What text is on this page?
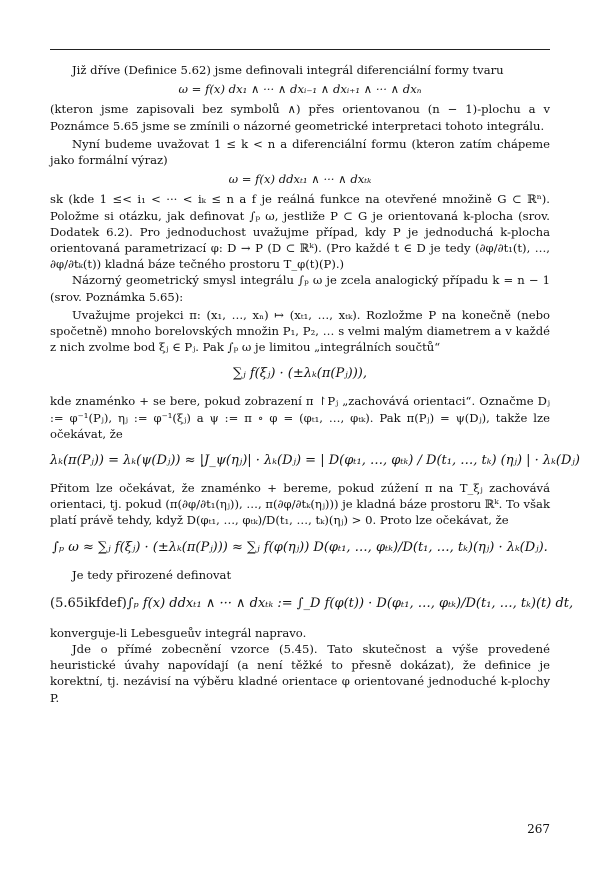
Již dříve (Definice 5.62) jsme definovali integrál diferenciální formy tvaru

ω = f(x) dx₁ ∧ ··· ∧ dxᵢ₋₁ ∧ dxᵢ₊₁ ∧ ··· ∧ dxₙ

(kteron jsme zapisovali bez symbolů ∧) přes orientovanou (n − 1)-plochu a v Poznámce 5.65 jsme se zmínili o názorné geometrické interpretaci tohoto integrálu.

Nyní budeme uvažovat 1 ≤ k < n a diferenciální formu (kteron zatím chápeme jako formální výraz)

ω = f(x) ddxₜ₁ ∧ ··· ∧ dxₜₖ

sk (kde 1 ≤< i₁ < ··· < iₖ ≤ n a f je reálná funkce na otevřené množině G ⊂ ℝⁿ). Položme si otázku, jak definovat ∫ₚ ω, jestliže P ⊂ G je orientovaná k-plocha (srov. Dodatek 6.2). Pro jednoduchost uvažujme případ, kdy P je jednoduchá k-plocha orientovaná parametrizací φ: D → P (D ⊂ ℝᵏ). (Pro každé t ∈ D je tedy (∂φ/∂t₁(t), …, ∂φ/∂tₖ(t)) kladná báze tečného prostoru T_φ(t)(P).)

Názorný geometrický smysl integrálu ∫ₚ ω je zcela analogický případu k = n − 1 (srov. Poznámka 5.65):

Uvažujme projekci π: (x₁, …, xₙ) ↦ (xₜ₁, …, xₜₖ). Rozložme P na konečně (nebo spočetně) mnoho borelovských množin P₁, P₂, … s velmi malým diametrem a v každé z nich zvolme bod ξⱼ ∈ Pⱼ. Pak ∫ₚ ω je limitou „integrálních součtů“

∑ⱼ f(ξⱼ) · (±λₖ(π(Pⱼ))),

kde znaménko + se bere, pokud zobrazení π ↾Pⱼ „zachovává orientaci“. Označme Dⱼ := φ⁻¹(Pⱼ), ηⱼ := φ⁻¹(ξⱼ) a ψ := π ∘ φ = (φₜ₁, …, φₜₖ). Pak π(Pⱼ) = ψ(Dⱼ), takže lze očekávat, že

λₖ(π(Pⱼ)) = λₖ(ψ(Dⱼ)) ≈ |J_ψ(ηⱼ)| · λₖ(Dⱼ) = | D(φₜ₁, …, φₜₖ) / D(t₁, …, tₖ) (ηⱼ) | · λₖ(Dⱼ)

Přitom lze očekávat, že znaménko + bereme, pokud zúžení π na T_ξⱼ zachovává orientaci, tj. pokud (π(∂φ/∂t₁(ηⱼ)), …, π(∂φ/∂tₖ(ηⱼ))) je kladná báze prostoru ℝᵏ. To však platí právě tehdy, když D(φₜ₁, …, φₜₖ)/D(t₁, …, tₖ)(ηⱼ) > 0. Proto lze očekávat, že

∫ₚ ω ≈ ∑ⱼ f(ξⱼ) · (±λₖ(π(Pⱼ))) ≈ ∑ⱼ f(φ(ηⱼ)) D(φₜ₁, …, φₜₖ)/D(t₁, …, tₖ)(ηⱼ) · λₖ(Dⱼ).

Je tedy přirozené definovat

(5.65ikfdef) ∫ₚ f(x) ddxₜ₁ ∧ ··· ∧ dxₜₖ := ∫_D f(φ(t)) · D(φₜ₁, …, φₜₖ)/D(t₁, …, tₖ)(t) dt,

konverguje-li Lebesgueův integrál napravo.

Jde o přímé zobecnění vzorce (5.45). Tato skutečnost a výše provedené heuristické úvahy napovídají (a není těžké to přesně dokázat), že definice je korektní, tj. nezávisí na výběru kladné orientace φ orientované jednoduché k-plochy P.

267
